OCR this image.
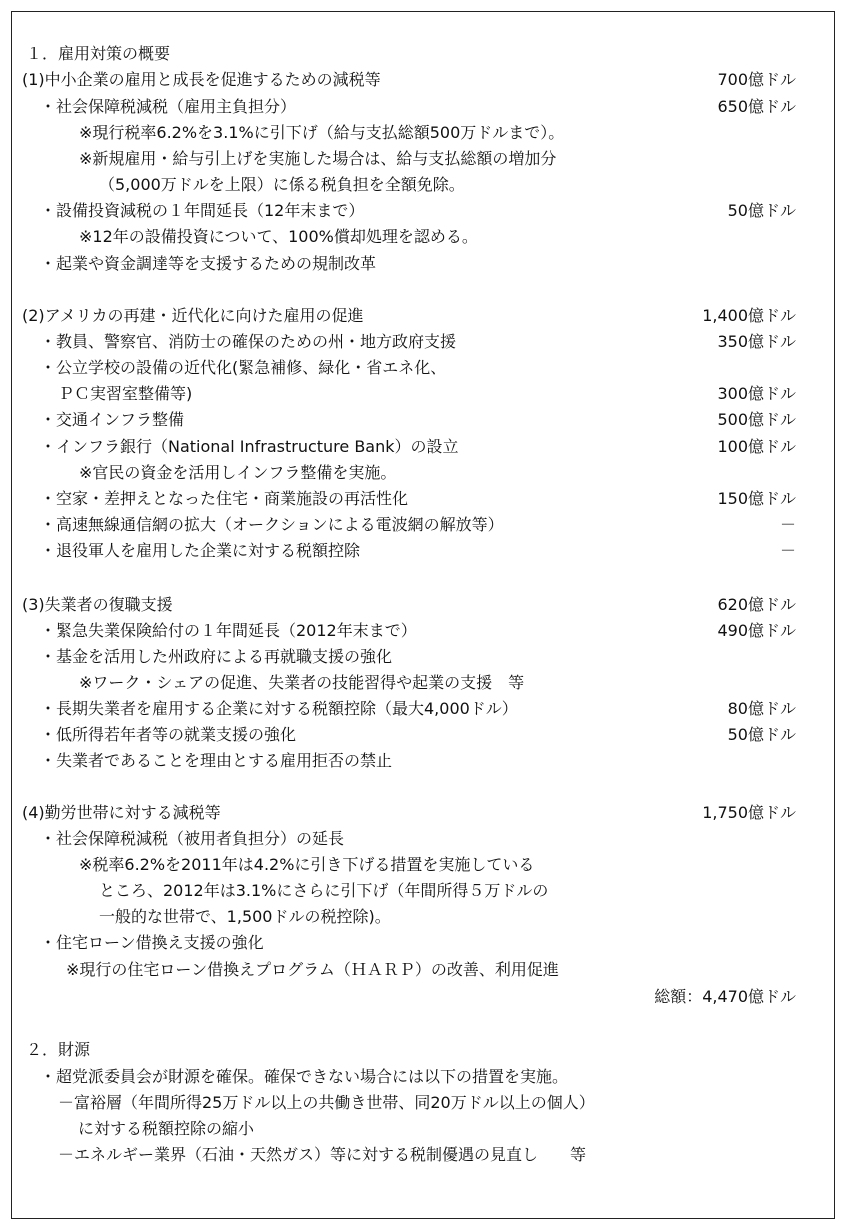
１．雇用対策の概要
(1)中小企業の雇用と成長を促進するための減税等	700億ドル
・社会保障税減税（雇用主負担分）	650億ドル
※現行税率6.2%を3.1%に引下げ（給与支払総額500万ドルまで）。
※新規雇用・給与引上げを実施した場合は、給与支払総額の増加分
（5,000万ドルを上限）に係る税負担を全額免除。
・設備投資減税の１年間延長（12年末まで）	50億ドル
※12年の設備投資について、100%償却処理を認める。
・起業や資金調達等を支援するための規制改革
(2)アメリカの再建・近代化に向けた雇用の促進	1,400億ドル
・教員、警察官、消防士の確保のための州・地方政府支援	350億ドル
・公立学校の設備の近代化(緊急補修、緑化・省エネ化、
ＰＣ実習室整備等)	300億ドル
・交通インフラ整備	500億ドル
・インフラ銀行（National Infrastructure Bank）の設立	100億ドル
※官民の資金を活用しインフラ整備を実施。
・空家・差押えとなった住宅・商業施設の再活性化	150億ドル
・高速無線通信網の拡大（オークションによる電波網の解放等）	－
・退役軍人を雇用した企業に対する税額控除	－
(3)失業者の復職支援	620億ドル
・緊急失業保険給付の１年間延長（2012年末まで）	490億ドル
・基金を活用した州政府による再就職支援の強化
※ワーク・シェアの促進、失業者の技能習得や起業の支援　等
・長期失業者を雇用する企業に対する税額控除（最大4,000ドル）	80億ドル
・低所得若年者等の就業支援の強化	50億ドル
・失業者であることを理由とする雇用拒否の禁止
(4)勤労世帯に対する減税等	1,750億ドル
・社会保障税減税（被用者負担分）の延長
※税率6.2%を2011年は4.2%に引き下げる措置を実施している
ところ、2012年は3.1%にさらに引下げ（年間所得５万ドルの
一般的な世帯で、1,500ドルの税控除)。
・住宅ローン借換え支援の強化
※現行の住宅ローン借換えプログラム（ＨＡＲＰ）の改善、利用促進
総額：4,470億ドル
２．財源
・超党派委員会が財源を確保。確保できない場合には以下の措置を実施。
－富裕層（年間所得25万ドル以上の共働き世帯、同20万ドル以上の個人）
に対する税額控除の縮小
－エネルギー業界（石油・天然ガス）等に対する税制優遇の見直し　　等
